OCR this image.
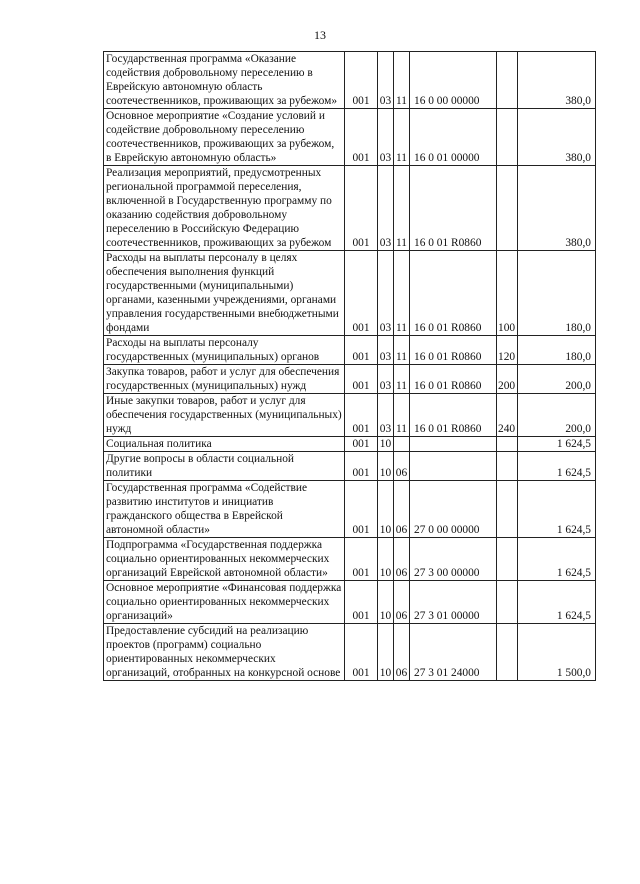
13
Государственная программа «Оказание содействия добровольному переселению в Еврейскую автономную область соотечественников, проживающих за рубежом»	001	03	11	16 0 00 00000		380,0
Основное мероприятие «Создание условий и содействие добровольному переселению соотечественников, проживающих за рубежом, в Еврейскую автономную область»	001	03	11	16 0 01 00000		380,0
Реализация мероприятий, предусмотренных региональной программой переселения, включенной в Государственную программу по оказанию содействия добровольному переселению в Российскую Федерацию соотечественников, проживающих за рубежом	001	03	11	16 0 01 R0860		380,0
Расходы на выплаты персоналу в целях обеспечения выполнения функций государственными (муниципальными) органами, казенными учреждениями, органами управления государственными внебюджетными фондами	001	03	11	16 0 01 R0860	100	180,0
Расходы на выплаты персоналу государственных (муниципальных) органов	001	03	11	16 0 01 R0860	120	180,0
Закупка товаров, работ и услуг для обеспечения государственных (муниципальных) нужд	001	03	11	16 0 01 R0860	200	200,0
Иные закупки товаров, работ и услуг для обеспечения государственных (муниципальных) нужд	001	03	11	16 0 01 R0860	240	200,0
Социальная политика	001	10				1 624,5
Другие вопросы в области социальной политики	001	10	06			1 624,5
Государственная программа «Содействие развитию институтов и инициатив гражданского общества в Еврейской автономной области»	001	10	06	27 0 00 00000		1 624,5
Подпрограмма «Государственная поддержка социально ориентированных некоммерческих организаций Еврейской автономной области»	001	10	06	27 3 00 00000		1 624,5
Основное мероприятие «Финансовая поддержка социально ориентированных некоммерческих организаций»	001	10	06	27 3 01 00000		1 624,5
Предоставление субсидий на реализацию проектов (программ) социально ориентированных некоммерческих организаций, отобранных на конкурсной основе	001	10	06	27 3 01 24000		1 500,0
